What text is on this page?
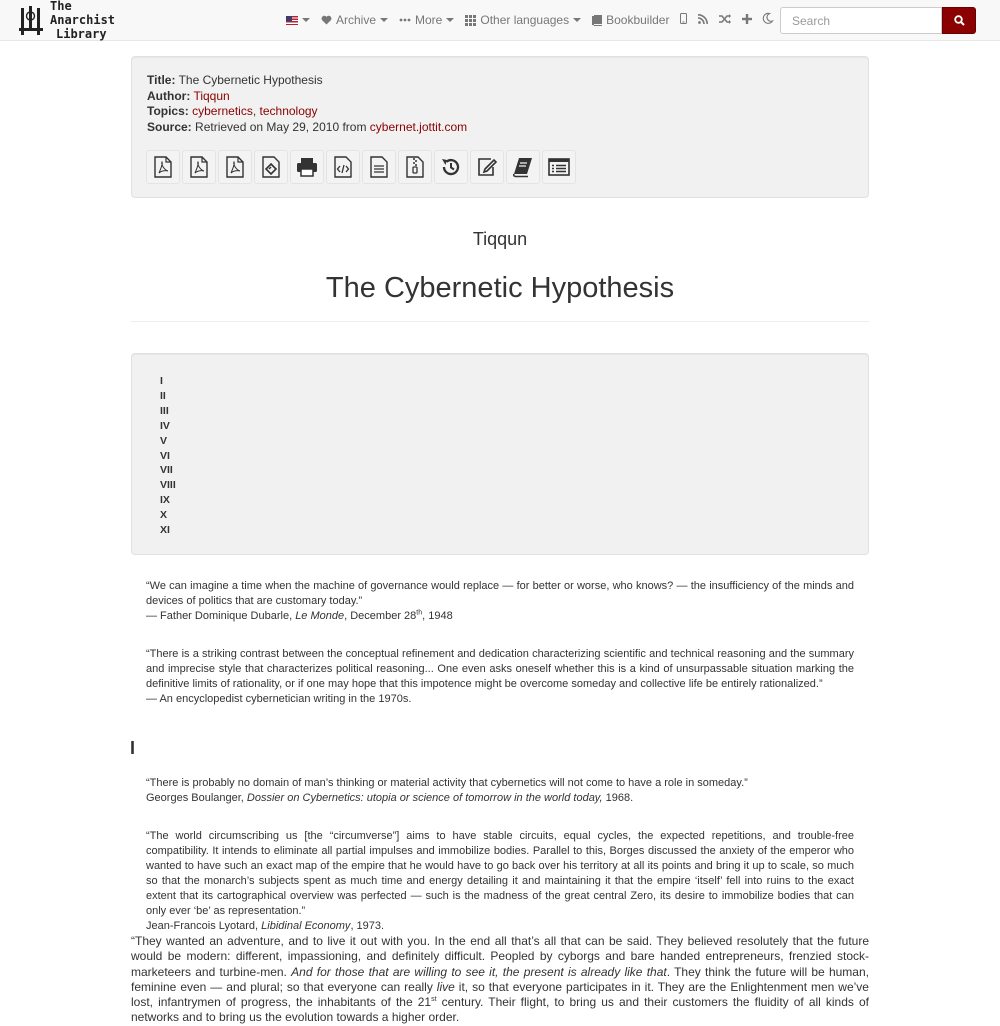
The Anarchist
Library
Archive	More	Other languages	Bookbuilder
Search
Title: The Cybernetic Hypothesis
Author: Tiqqun
Topics: cybernetics, technology
Source: Retrieved on May 29, 2010 from cybernet.jottit.com
Tiqqun
The Cybernetic Hypothesis
I
II
III
IV
V
VI
VII
VIII
IX
X
XI
“We can imagine a time when the machine of governance would replace — for better or worse, who knows? — the insufficiency of the minds and devices of politics that are customary today.”
— Father Dominique Dubarle, Le Monde, December 28th, 1948
“There is a striking contrast between the conceptual refinement and dedication characterizing scientific and technical reasoning and the summary and imprecise style that characterizes political reasoning... One even asks oneself whether this is a kind of unsurpassable situation marking the definitive limits of rationality, or if one may hope that this impotence might be overcome someday and collective life be entirely rationalized.”
— An encyclopedist cybernetician writing in the 1970s.
I
“There is probably no domain of man’s thinking or material activity that cybernetics will not come to have a role in someday.”
Georges Boulanger, Dossier on Cybernetics: utopia or science of tomorrow in the world today, 1968.
“The world circumscribing us [the “circumverse”] aims to have stable circuits, equal cycles, the expected repetitions, and trouble-free compatibility. It intends to eliminate all partial impulses and immobilize bodies. Parallel to this, Borges discussed the anxiety of the emperor who wanted to have such an exact map of the empire that he would have to go back over his territory at all its points and bring it up to scale, so much so that the monarch’s subjects spent as much time and energy detailing it and maintaining it that the empire ‘itself’ fell into ruins to the exact extent that its cartographical overview was perfected — such is the madness of the great central Zero, its desire to immobilize bodies that can only ever ‘be’ as representation.”
Jean-Francois Lyotard, Libidinal Economy, 1973.
“They wanted an adventure, and to live it out with you. In the end all that’s all that can be said. They believed resolutely that the future would be modern: different, impassioning, and definitely difficult. Peopled by cyborgs and bare handed entrepreneurs, frenzied stock-marketeers and turbine-men. And for those that are willing to see it, the present is already like that. They think the future will be human, feminine even — and plural; so that everyone can really live it, so that everyone participates in it. They are the Enlightenment men we’ve lost, infantrymen of progress, the inhabitants of the 21st century. Their flight, to bring us and their customers the fluidity of all kinds of networks and to bring us the evolution towards a higher order.
